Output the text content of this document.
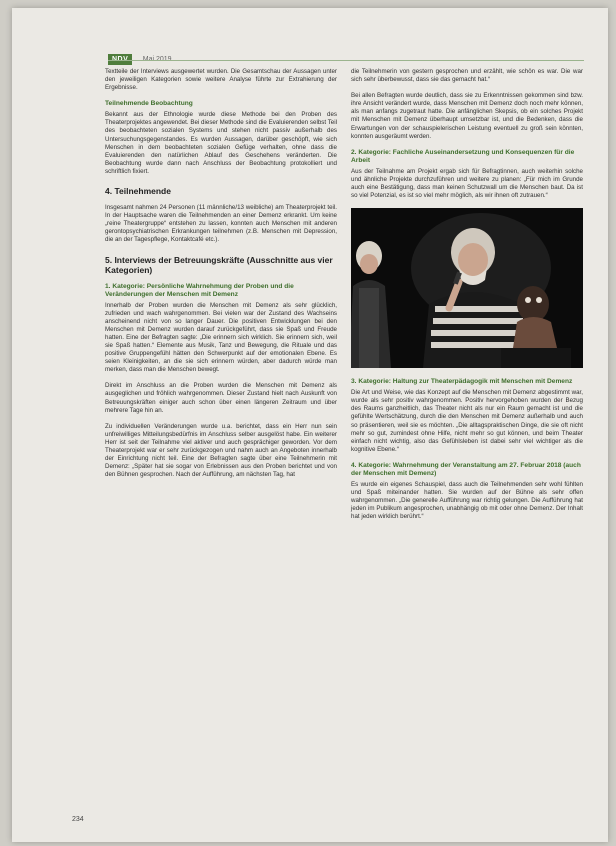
Textteile der Interviews ausgewertet wurden. Die Gesamtschau der Aussagen unter den jeweiligen Kategorien sowie weitere Analyse führte zur Extrahierung der Ergebnisse.

Teilnehmende Beobachtung

Bekannt aus der Ethnologie wurde diese Methode bei den Proben des Theaterprojektes angewendet. Bei dieser Methode sind die Evaluierenden selbst Teil des beobachteten sozialen Systems und stehen nicht passiv außerhalb des Untersuchungsgegenstandes. Es wurden Aussagen, darüber geschöpft, wie sich Menschen in dem beobachteten sozialen Gefüge verhalten, ohne dass die Evaluierenden den natürlichen Ablauf des Geschehens veränderten. Die Beobachtung wurde dann nach Anschluss der Beobachtung protokolliert und schriftlich fixiert.

4. Teilnehmende

Insgesamt nahmen 24 Personen (11 männliche/13 weibliche) am Theaterprojekt teil. In der Hauptsache waren die Teilnehmenden an einer Demenz erkrankt. Um keine „reine Theatergruppe“ entstehen zu lassen, konnten auch Menschen mit anderen gerontopsychiatrischen Erkrankungen teilnehmen (z.B. Menschen mit Depression, die an der Tagespflege, Kontaktcafé etc.).

5. Interviews der Betreuungskräfte (Ausschnitte aus vier Kategorien)
1. Kategorie: Persönliche Wahrnehmung der Proben und die Veränderungen der Menschen mit Demenz

Innerhalb der Proben wurden die Menschen mit Demenz als sehr glücklich, zufrieden und wach wahrgenommen. Bei vielen war der Zustand des Wachseins anscheinend nicht von so langer Dauer. Die positiven Entwicklungen bei den Menschen mit Demenz wurden darauf zurückgeführt, dass sie Spaß und Freude hatten. Eine der Befragten sagte: „Die erinnern sich wirklich. Sie erinnern sich, weil sie Spaß hatten.“ Elemente aus Musik, Tanz und Bewegung, die Rituale und das positive Gruppengefühl hätten den Schwerpunkt auf der emotionalen Ebene. Es seien Kleinigkeiten, an die sie sich erinnern würden, aber dadurch würde man merken, dass man die Menschen bewegt.

Direkt im Anschluss an die Proben wurden die Menschen mit Demenz als ausgeglichen und fröhlich wahrgenommen. Dieser Zustand hielt nach Auskunft von Betreuungskräften einiger auch schon über einen längeren Zeitraum und über mehrere Tage hin an.

Zu individuellen Veränderungen wurde u.a. berichtet, dass ein Herr nun sein unfreiwilliges Mitteilungsbedürfnis im Anschluss selber ausgelöst habe. Ein weiterer Herr ist seit der Teilnahme viel aktiver und auch gesprächiger geworden. Vor dem Theaterprojekt war er sehr zurückgezogen und nahm auch an Angeboten innerhalb der Einrichtung nicht teil. Eine der Befragten sagte über eine Teilnehmerin mit Demenz: „Später hat sie sogar von Erlebnissen aus den Proben berichtet und von den Bühnen gesprochen. Nach der Aufführung, am nächsten Tag, hat

die Teilnehmerin von gestern gesprochen und erzählt, wie schön es war. Die war sich sehr überbewusst, dass sie das gemacht hat.“

Bei allen Befragten wurde deutlich, dass sie zu Erkenntnissen gekommen sind bzw. ihre Ansicht verändert wurde, dass Menschen mit Demenz doch noch mehr können, als man anfangs zugetraut hatte. Die anfänglichen Skepsis, ob ein solches Projekt mit Menschen mit Demenz überhaupt umsetzbar ist, und die Bedenken, dass die Erwartungen von der schauspielerischen Leistung eventuell zu groß sein könnten, konnten ausgeräumt werden.

2. Kategorie: Fachliche Auseinandersetzung und Konsequenzen für die Arbeit

Aus der Teilnahme am Projekt ergab sich für Befragtinnen, auch weiterhin solche und ähnliche Projekte durchzuführen und weitere zu planen: „Für mich im Grunde auch eine Bestätigung, dass man keinen Schutzwall um die Menschen baut. Da ist so viel Potenzial, es ist so viel mehr möglich, als wir ihnen oft zutrauen.“

3. Kategorie: Haltung zur Theaterpädagogik mit Menschen mit Demenz

Die Art und Weise, wie das Konzept auf die Menschen mit Demenz abgestimmt war, wurde als sehr positiv wahrgenommen. Positiv hervorgehoben wurden der Bezug des Raums ganzheitlich, das Theater nicht als nur ein Raum gemacht ist und die gefühlte Wertschätzung, durch die den Menschen mit Demenz außerhalb und auch so präsentieren, weil sie es möchten. „Die alltagspraktischen Dinge, die sie oft nicht mehr so gut, zumindest ohne Hilfe, nicht mehr so gut können, und beim Theater einfach nicht wichtig, also das Gefühlsleben ist dabei sehr viel wichtiger als die kognitive Ebene.“

4. Kategorie: Wahrnehmung der Veranstaltung am 27. Februar 2018 (auch der Menschen mit Demenz)

Es wurde ein eigenes Schauspiel, dass auch die Teilnehmenden sehr wohl fühlten und Spaß miteinander hatten. Sie wurden auf der Bühne als sehr offen wahrgenommen. „Die generelle Aufführung war richtig gelungen. Die Aufführung hat jeden im Publikum angesprochen, unabhängig ob mit oder ohne Demenz. Der Inhalt hat jeden wirklich berührt.“

234
